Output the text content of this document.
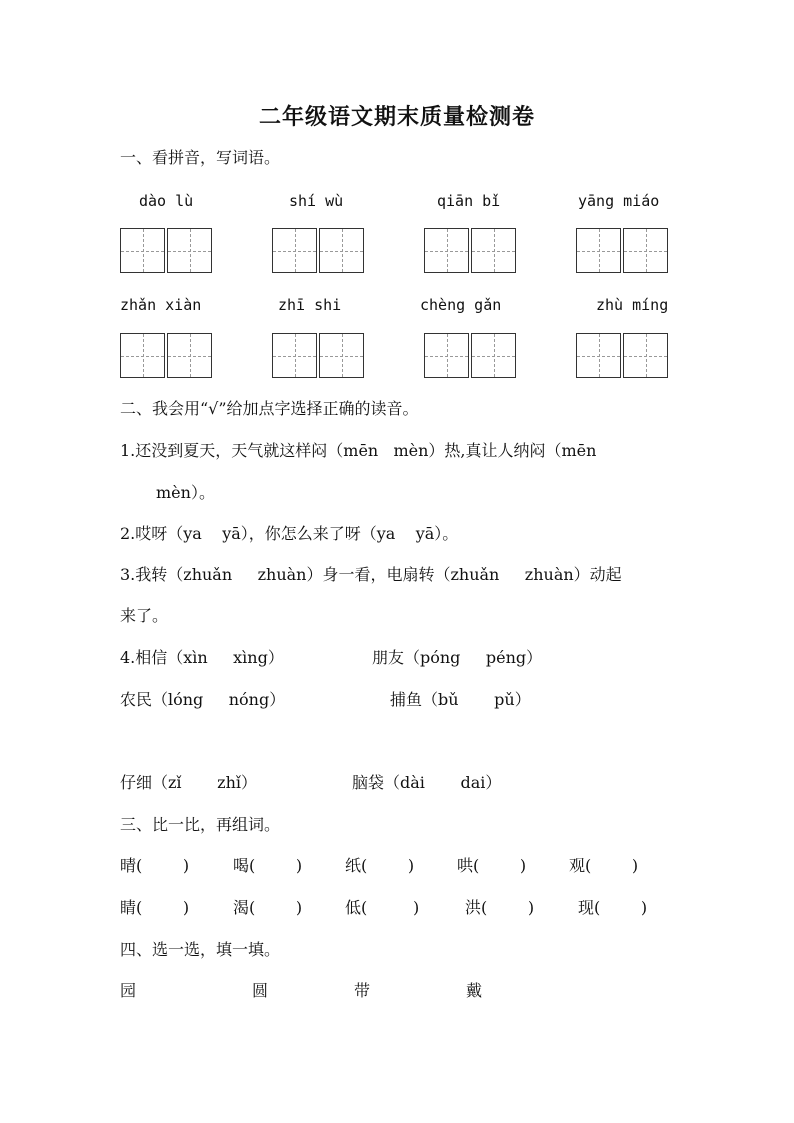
二年级语文期末质量检测卷
一、看拼音，写词语。
dào lù	shí wù	qiān bǐ	yāng miáo
zhǎn xiàn	zhī shi	chèng gǎn	zhù míng
二、我会用“√”给加点字选择正确的读音。
1.还没到夏天，天气就这样闷（mēn   mèn）热,真让人纳闷（mēn
mèn）。
2.哎呀（ya    yā），你怎么来了呀（ya    yā）。
3.我转（zhuǎn     zhuàn）身一看，电扇转（zhuǎn     zhuàn）动起
来了。
4.相信（xìn     xìng）	朋友（póng     péng）
农民（lóng     nóng）	捕鱼（bǔ       pǔ）
仔细（zǐ       zhǐ）	脑袋（dài       dai）
三、比一比，再组词。
晴(        )	喝(        )	纸(        )	哄(        )	观(        )
睛(        )	渴(        )	低(         )	洪(        )	现(        )
四、选一选，填一填。
园	圆	带	戴
